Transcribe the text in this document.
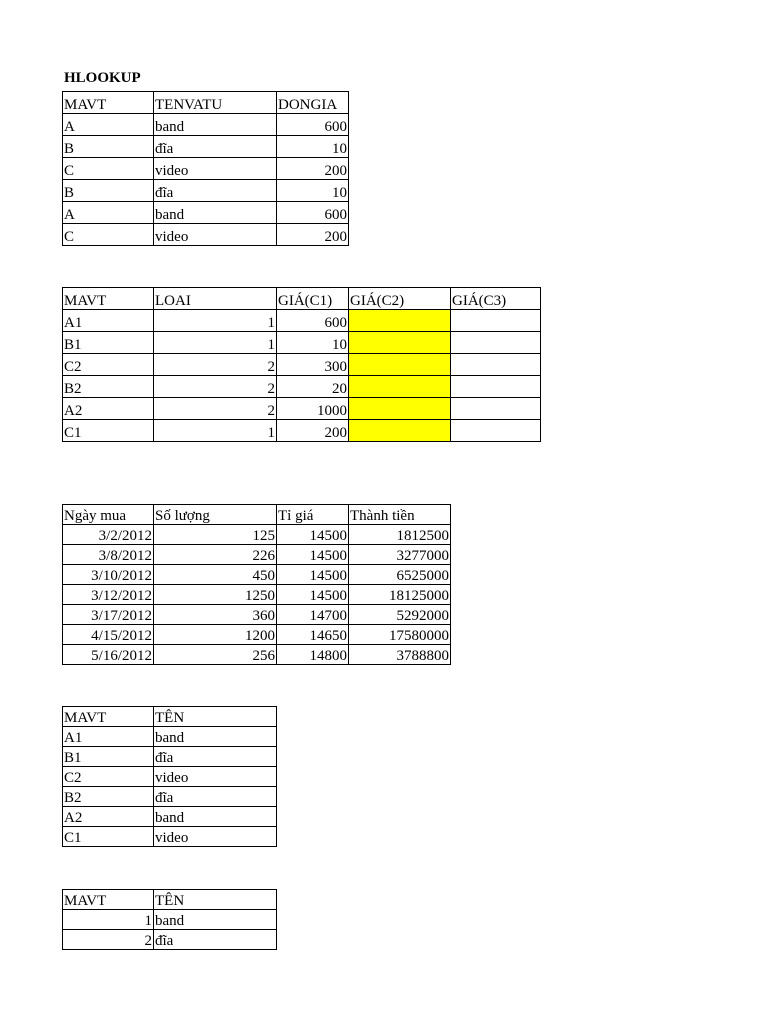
HLOOKUP
MAVT	TENVATU	DONGIA
A	band	600
B	đĩa	10
C	video	200
B	đĩa	10
A	band	600
C	video	200
MAVT	LOAI	GIÁ(C1)	GIÁ(C2)	GIÁ(C3)
A1	1	600		
B1	1	10		
C2	2	300		
B2	2	20		
A2	2	1000		
C1	1	200		
Ngày mua	Số lượng	Tỉ giá	Thành tiền
3/2/2012	125	14500	1812500
3/8/2012	226	14500	3277000
3/10/2012	450	14500	6525000
3/12/2012	1250	14500	18125000
3/17/2012	360	14700	5292000
4/15/2012	1200	14650	17580000
5/16/2012	256	14800	3788800
MAVT	TÊN
A1	band
B1	đĩa
C2	video
B2	đĩa
A2	band
C1	video
MAVT	TÊN
1	band
2	đĩa
